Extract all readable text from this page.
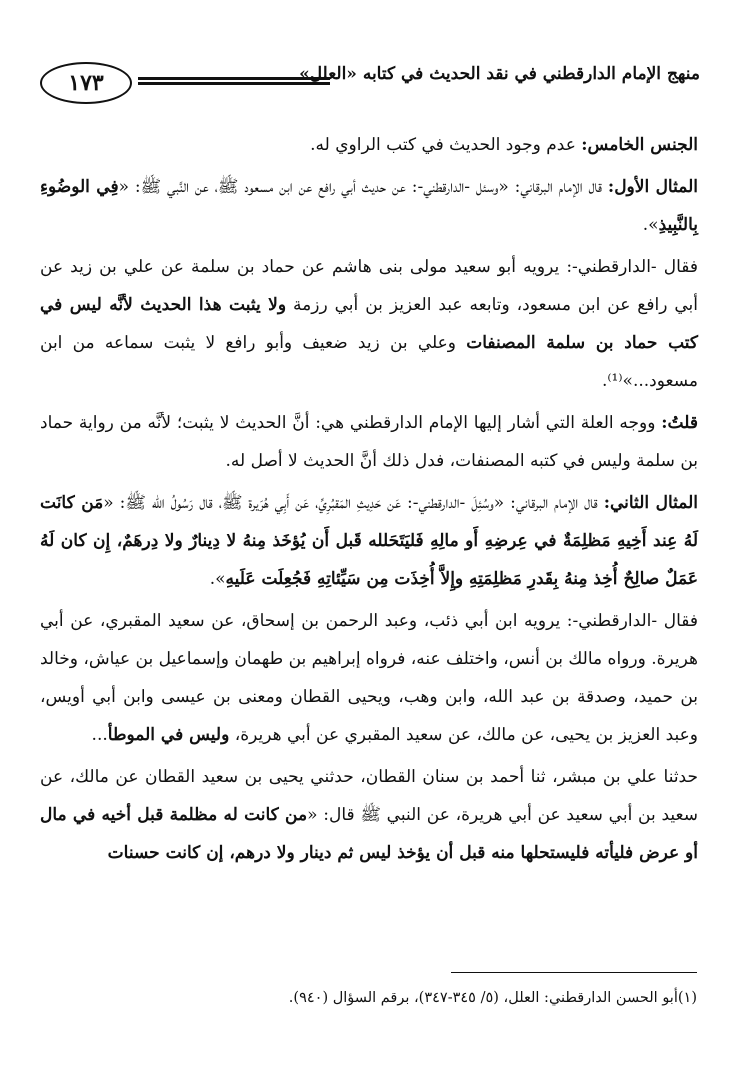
١٧٣	منهج الإمام الدارقطني في نقد الحديث في كتابه «العلل»

الجنس الخامس: عدم وجود الحديث في كتب الراوي له.

المثال الأول: قال الإمام البرقاني: «وسئل -الدارقطني-: عن حديث أبي رافع عن ابن مسعود ﷺ، عن النَّبي ﷺ: «فِي الوضُوءِ بِالنَّبِيذِ».

فقال -الدارقطني-: يرويه أبو سعيد مولى بنى هاشم عن حماد بن سلمة عن علي بن زيد عن أبي رافع عن ابن مسعود، وتابعه عبد العزيز بن أبي رزمة ولا يثبت هذا الحديث لأنَّه ليس في كتب حماد بن سلمة المصنفات وعلي بن زيد ضعيف وأبو رافع لا يثبت سماعه من ابن مسعود...»⁽¹⁾.

قلتُ: ووجه العلة التي أشار إليها الإمام الدارقطني هي: أنَّ الحديث لا يثبت؛ لأنَّه من رواية حماد بن سلمة وليس في كتبه المصنفات، فدل ذلك أنَّ الحديث لا أصل له.

المثال الثاني: قال الإمام البرقاني: «وسُئِلَ -الدارقطني-: عَن حَدِيثِ المَقبُرِيِّ، عَن أَبِي هُرَيرة ﷺ، قال رَسُولُ الله ﷺ: «مَن كانَت لَهُ عِند أَخِيهِ مَظلِمَةٌ في عِرضِهِ أَو مالِهِ فَليَتَحَلله قَبل أَن يُؤخَذ مِنهُ لا دِينارٌ ولا دِرهَمٌ، إِن كان لَهُ عَمَلٌ صالِحٌ أُخِذ مِنهُ بِقَدرِ مَظلِمَتِهِ وإِلاَّ أُخِذَت مِن سَيِّئاتِهِ فَجُعِلَت عَلَيهِ».

فقال -الدارقطني-: يرويه ابن أبي ذئب، وعبد الرحمن بن إسحاق، عن سعيد المقبري، عن أبي هريرة. ورواه مالك بن أنس، واختلف عنه، فرواه إبراهيم بن طهمان وإسماعيل بن عياش، وخالد بن حميد، وصدقة بن عبد الله، وابن وهب، ويحيى القطان ومعنى بن عيسى وابن أبي أويس، وعبد العزيز بن يحيى، عن مالك، عن سعيد المقبري عن أبي هريرة، وليس في الموطأ...

حدثنا علي بن مبشر، ثنا أحمد بن سنان القطان، حدثني يحيى بن سعيد القطان عن مالك، عن سعيد بن أبي سعيد عن أبي هريرة، عن النبي ﷺ قال: «من كانت له مظلمة قبل أخيه في مال أو عرض فليأته فليستحلها منه قبل أن يؤخذ ليس ثم دينار ولا درهم، إن كانت حسنات

(١)أبو الحسن الدارقطني: العلل، (٥/ ٣٤٥-٣٤٧)، برقم السؤال (٩٤٠).
